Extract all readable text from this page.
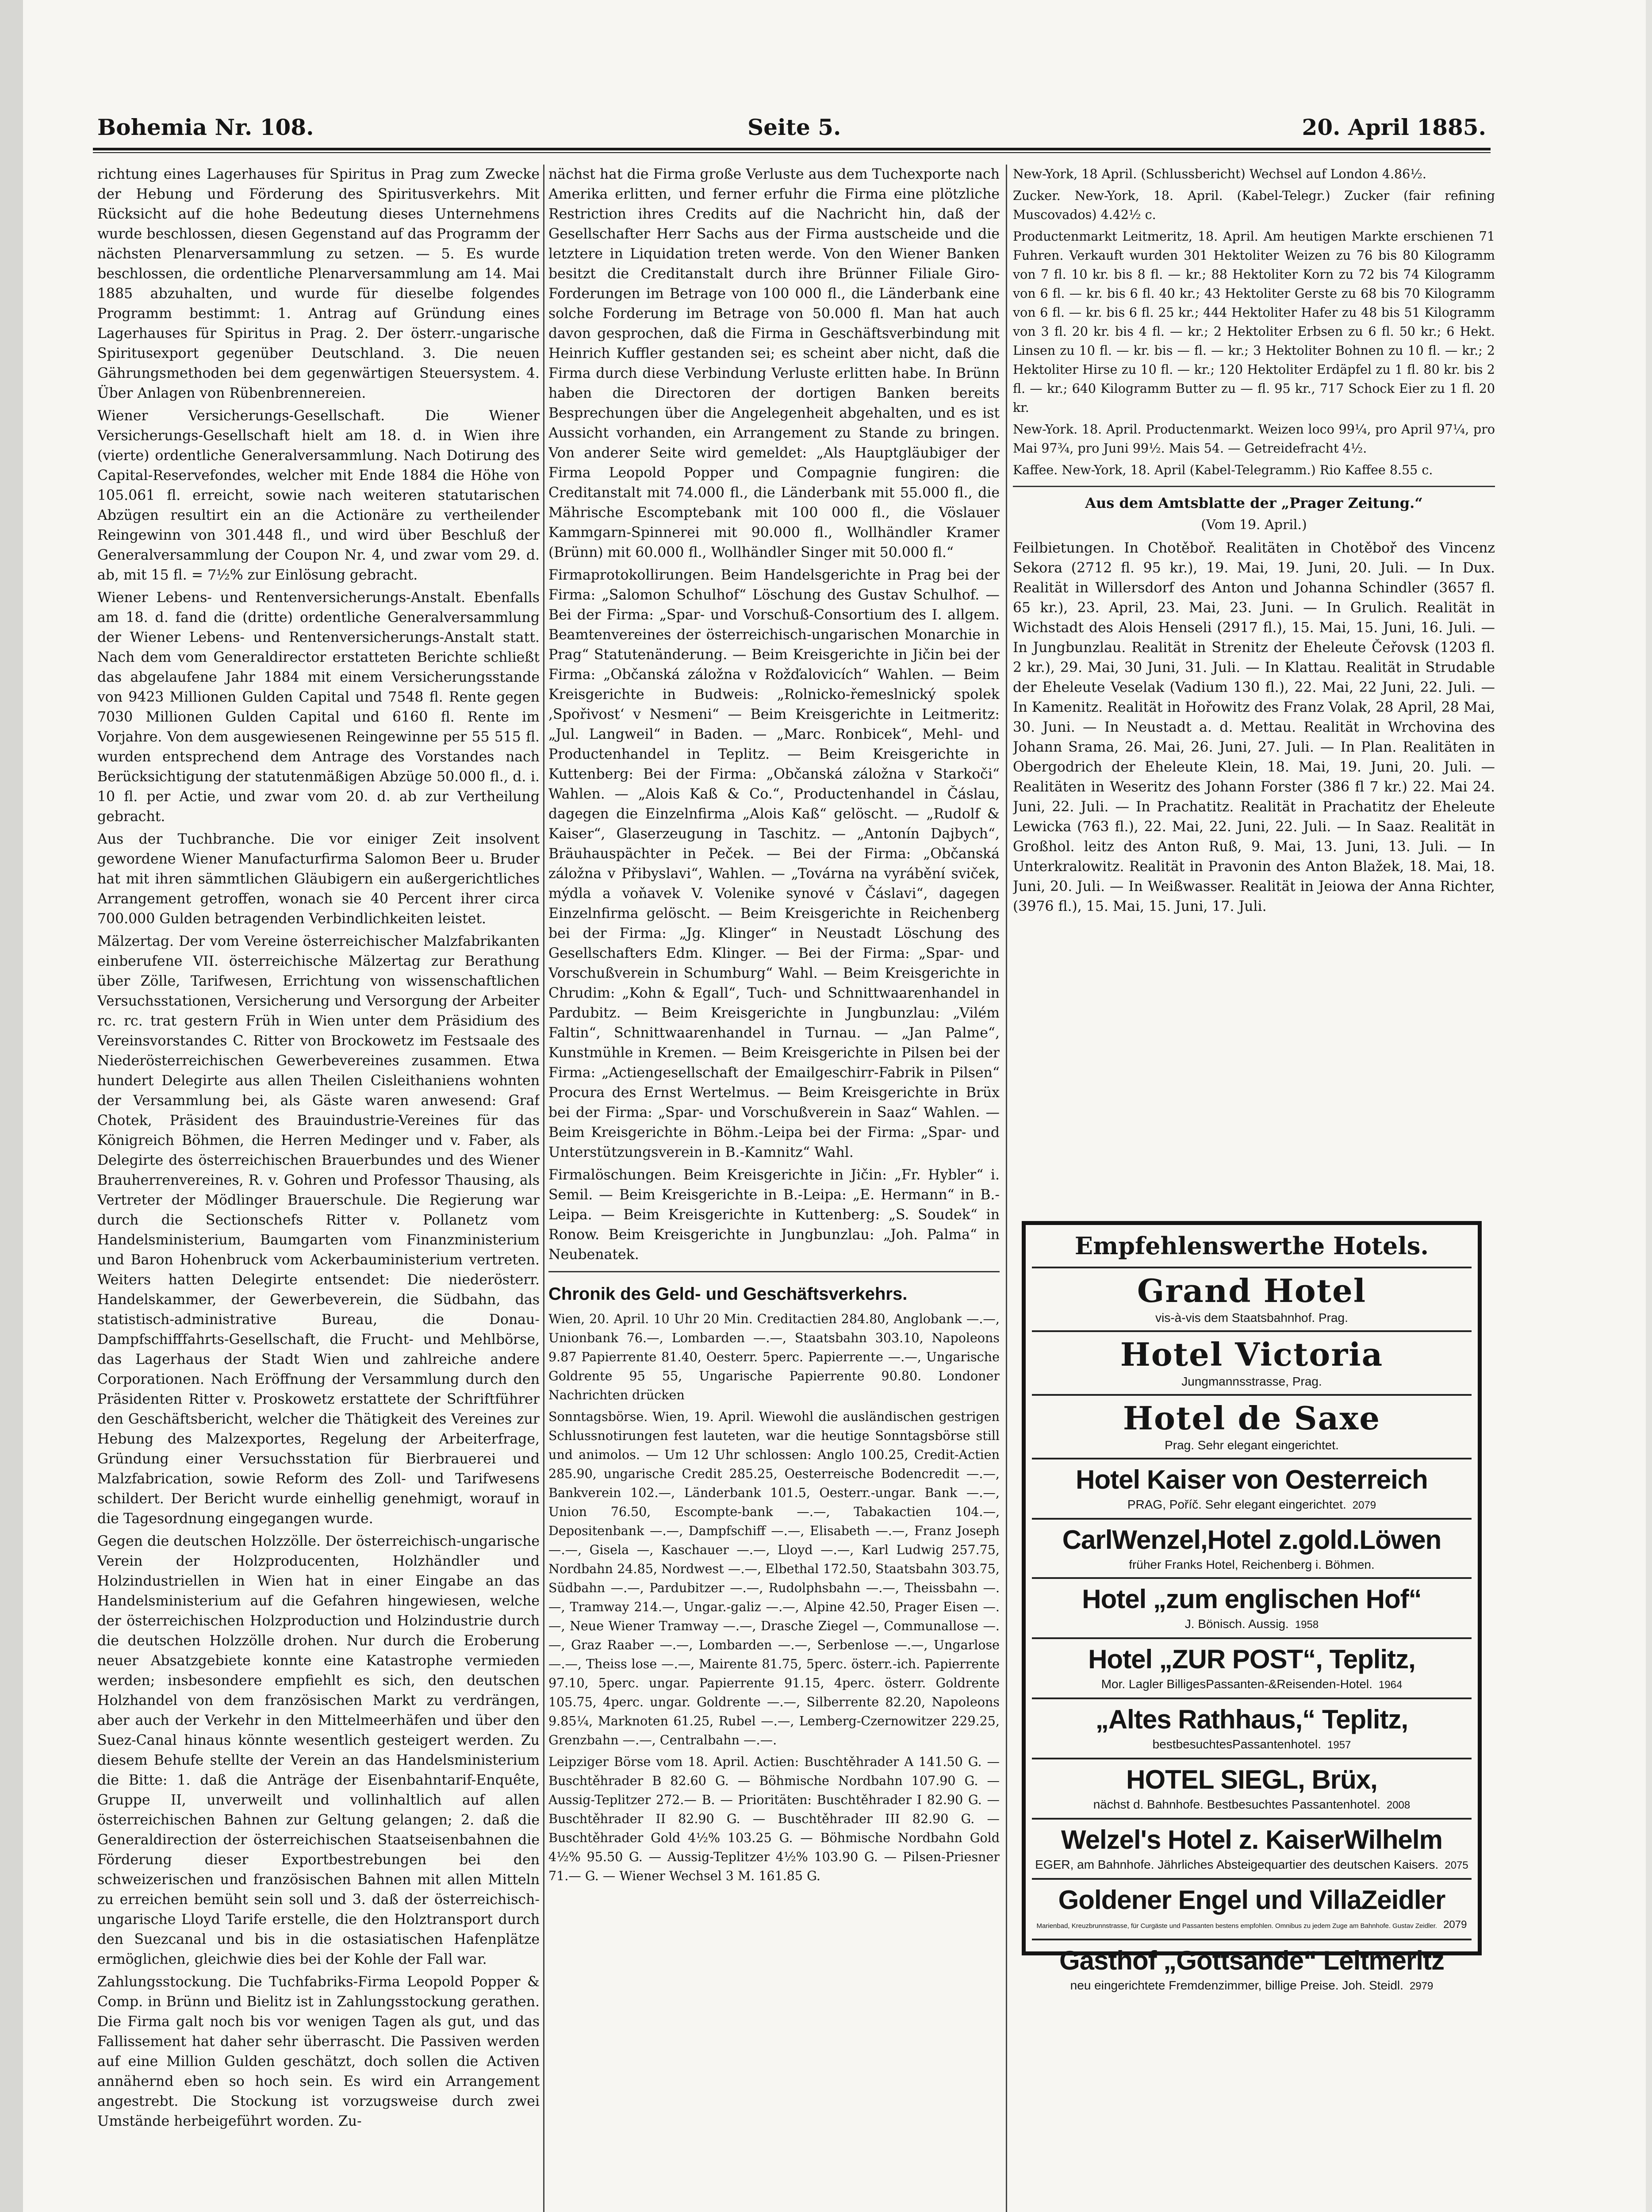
Bohemia Nr. 108.	Seite 5.	20. April 1885.

richtung eines Lagerhauses für Spiritus in Prag zum Zwecke der Hebung und Förderung des Spiritusverkehrs. Mit Rücksicht auf die hohe Bedeutung dieses Unternehmens wurde beschlossen, diesen Gegenstand auf das Programm der nächsten Plenarversammlung zu setzen. — 5. Es wurde beschlossen, die ordentliche Plenarversammlung am 14. Mai 1885 abzuhalten, und wurde für dieselbe folgendes Programm bestimmt: 1. Antrag auf Gründung eines Lagerhauses für Spiritus in Prag. 2. Der österr.-ungarische Spiritusexport gegenüber Deutschland. 3. Die neuen Gährungsmethoden bei dem gegenwärtigen Steuersystem. 4. Über Anlagen von Rübenbrennereien.

Wiener Versicherungs-Gesellschaft. Die Wiener Versicherungs-Gesellschaft hielt am 18. d. in Wien ihre (vierte) ordentliche Generalversammlung. Nach Dotirung des Capital-Reservefondes, welcher mit Ende 1884 die Höhe von 105.061 fl. erreicht, sowie nach weiteren statutarischen Abzügen resultirt ein an die Actionäre zu vertheilender Reingewinn von 301.448 fl., und wird über Beschluß der Generalversammlung der Coupon Nr. 4, und zwar vom 29. d. ab, mit 15 fl. = 7½% zur Einlösung gebracht.

Wiener Lebens- und Rentenversicherungs-Anstalt. Ebenfalls am 18. d. fand die (dritte) ordentliche Generalversammlung der Wiener Lebens- und Rentenversicherungs-Anstalt statt. Nach dem vom Generaldirector erstatteten Berichte schließt das abgelaufene Jahr 1884 mit einem Versicherungsstande von 9423 Millionen Gulden Capital und 7548 fl. Rente gegen 7030 Millionen Gulden Capital und 6160 fl. Rente im Vorjahre. Von dem ausgewiesenen Reingewinne per 55 515 fl. wurden entsprechend dem Antrage des Vorstandes nach Berücksichtigung der statutenmäßigen Abzüge 50.000 fl., d. i. 10 fl. per Actie, und zwar vom 20. d. ab zur Vertheilung gebracht.

Aus der Tuchbranche. Die vor einiger Zeit insolvent gewordene Wiener Manufacturfirma Salomon Beer u. Bruder hat mit ihren sämmtlichen Gläubigern ein außergerichtliches Arrangement getroffen, wonach sie 40 Percent ihrer circa 700.000 Gulden betragenden Verbindlichkeiten leistet.

Mälzertag. Der vom Vereine österreichischer Malzfabrikanten einberufene VII. österreichische Mälzertag zur Berathung über Zölle, Tarifwesen, Errichtung von wissenschaftlichen Versuchsstationen, Versicherung und Versorgung der Arbeiter rc. rc. trat gestern Früh in Wien unter dem Präsidium des Vereinsvorstandes C. Ritter von Brockowetz im Festsaale des Niederösterreichischen Gewerbevereines zusammen. Etwa hundert Delegirte aus allen Theilen Cisleithaniens wohnten der Versammlung bei, als Gäste waren anwesend: Graf Chotek, Präsident des Brauindustrie-Vereines für das Königreich Böhmen, die Herren Medinger und v. Faber, als Delegirte des österreichischen Brauerbundes und des Wiener Brauherrenvereines, R. v. Gohren und Professor Thausing, als Vertreter der Mödlinger Brauerschule. Die Regierung war durch die Sectionschefs Ritter v. Pollanetz vom Handelsministerium, Baumgarten vom Finanzministerium und Baron Hohenbruck vom Ackerbauministerium vertreten. Weiters hatten Delegirte entsendet: Die niederösterr. Handelskammer, der Gewerbeverein, die Südbahn, das statistisch-administrative Bureau, die Donau-Dampfschifffahrts-Gesellschaft, die Frucht- und Mehlbörse, das Lagerhaus der Stadt Wien und zahlreiche andere Corporationen. Nach Eröffnung der Versammlung durch den Präsidenten Ritter v. Proskowetz erstattete der Schriftführer den Geschäftsbericht, welcher die Thätigkeit des Vereines zur Hebung des Malzexportes, Regelung der Arbeiterfrage, Gründung einer Versuchsstation für Bierbrauerei und Malzfabrication, sowie Reform des Zoll- und Tarifwesens schildert. Der Bericht wurde einhellig genehmigt, worauf in die Tagesordnung eingegangen wurde.

Gegen die deutschen Holzzölle. Der österreichisch-ungarische Verein der Holzproducenten, Holzhändler und Holzindustriellen in Wien hat in einer Eingabe an das Handelsministerium auf die Gefahren hingewiesen, welche der österreichischen Holzproduction und Holzindustrie durch die deutschen Holzzölle drohen. Nur durch die Eroberung neuer Absatzgebiete konnte eine Katastrophe vermieden werden; insbesondere empfiehlt es sich, den deutschen Holzhandel von dem französischen Markt zu verdrängen, aber auch der Verkehr in den Mittelmeerhäfen und über den Suez-Canal hinaus könnte wesentlich gesteigert werden. Zu diesem Behufe stellte der Verein an das Handelsministerium die Bitte: 1. daß die Anträge der Eisenbahntarif-Enquête, Gruppe II, unverweilt und vollinhaltlich auf allen österreichischen Bahnen zur Geltung gelangen; 2. daß die Generaldirection der österreichischen Staatseisenbahnen die Förderung dieser Exportbestrebungen bei den schweizerischen und französischen Bahnen mit allen Mitteln zu erreichen bemüht sein soll und 3. daß der österreichisch-ungarische Lloyd Tarife erstelle, die den Holztransport durch den Suezcanal und bis in die ostasiatischen Hafenplätze ermöglichen, gleichwie dies bei der Kohle der Fall war.

Zahlungsstockung. Die Tuchfabriks-Firma Leopold Popper & Comp. in Brünn und Bielitz ist in Zahlungsstockung gerathen. Die Firma galt noch bis vor wenigen Tagen als gut, und das Fallissement hat daher sehr überrascht. Die Passiven werden auf eine Million Gulden geschätzt, doch sollen die Activen annähernd eben so hoch sein. Es wird ein Arrangement angestrebt. Die Stockung ist vorzugsweise durch zwei Umstände herbeigeführt worden. Zu-

nächst hat die Firma große Verluste aus dem Tuchexporte nach Amerika erlitten, und ferner erfuhr die Firma eine plötzliche Restriction ihres Credits auf die Nachricht hin, daß der Gesellschafter Herr Sachs aus der Firma austscheide und die letztere in Liquidation treten werde. Von den Wiener Banken besitzt die Creditanstalt durch ihre Brünner Filiale Giro-Forderungen im Betrage von 100 000 fl., die Länderbank eine solche Forderung im Betrage von 50.000 fl. Man hat auch davon gesprochen, daß die Firma in Geschäftsverbindung mit Heinrich Kuffler gestanden sei; es scheint aber nicht, daß die Firma durch diese Verbindung Verluste erlitten habe. In Brünn haben die Directoren der dortigen Banken bereits Besprechungen über die Angelegenheit abgehalten, und es ist Aussicht vorhanden, ein Arrangement zu Stande zu bringen. Von anderer Seite wird gemeldet: „Als Hauptgläubiger der Firma Leopold Popper und Compagnie fungiren: die Creditanstalt mit 74.000 fl., die Länderbank mit 55.000 fl., die Mährische Escomptebank mit 100 000 fl., die Vöslauer Kammgarn-Spinnerei mit 90.000 fl., Wollhändler Kramer (Brünn) mit 60.000 fl., Wollhändler Singer mit 50.000 fl.“

Firmaprotokollirungen. Beim Handelsgerichte in Prag bei der Firma: „Salomon Schulhof“ Löschung des Gustav Schulhof. — Bei der Firma: „Spar- und Vorschuß-Consortium des I. allgem. Beamtenvereines der österreichisch-ungarischen Monarchie in Prag“ Statutenänderung. — Beim Kreisgerichte in Jičin bei der Firma: „Občanská záložna v Rožďalovicích“ Wahlen. — Beim Kreisgerichte in Budweis: „Rolnicko-řemeslnický spolek ,Spořivost‘ v Nesmeni“ — Beim Kreisgerichte in Leitmeritz: „Jul. Langweil“ in Baden. — „Marc. Ronbicek“, Mehl- und Productenhandel in Teplitz. — Beim Kreisgerichte in Kuttenberg: Bei der Firma: „Občanská záložna v Starkoči“ Wahlen. — „Alois Kaß & Co.“, Productenhandel in Čáslau, dagegen die Einzelnfirma „Alois Kaß“ gelöscht. — „Rudolf & Kaiser“, Glaserzeugung in Taschitz. — „Antonín Dajbych“, Bräuhauspächter in Peček. — Bei der Firma: „Občanská záložna v Přibyslavi“, Wahlen. — „Továrna na vyrábění sviček, mýdla a voňavek V. Volenike synové v Čáslavi“, dagegen Einzelnfirma gelöscht. — Beim Kreisgerichte in Reichenberg bei der Firma: „Jg. Klinger“ in Neustadt Löschung des Gesellschafters Edm. Klinger. — Bei der Firma: „Spar- und Vorschußverein in Schumburg“ Wahl. — Beim Kreisgerichte in Chrudim: „Kohn & Egall“, Tuch- und Schnittwaarenhandel in Pardubitz. — Beim Kreisgerichte in Jungbunzlau: „Vilém Faltin“, Schnittwaarenhandel in Turnau. — „Jan Palme“, Kunstmühle in Kremen. — Beim Kreisgerichte in Pilsen bei der Firma: „Actiengesellschaft der Emailgeschirr-Fabrik in Pilsen“ Procura des Ernst Wertelmus. — Beim Kreisgerichte in Brüx bei der Firma: „Spar- und Vorschußverein in Saaz“ Wahlen. — Beim Kreisgerichte in Böhm.-Leipa bei der Firma: „Spar- und Unterstützungsverein in B.-Kamnitz“ Wahl.

Firmalöschungen. Beim Kreisgerichte in Jičin: „Fr. Hybler“ i. Semil. — Beim Kreisgerichte in B.-Leipa: „E. Hermann“ in B.-Leipa. — Beim Kreisgerichte in Kuttenberg: „S. Soudek“ in Ronow. Beim Kreisgerichte in Jungbunzlau: „Joh. Palma“ in Neubenatek.

Chronik des Geld- und Geschäftsverkehrs.

Wien, 20. April. 10 Uhr 20 Min. Creditactien 284.80, Anglobank —.—, Unionbank 76.—, Lombarden —.—, Staatsbahn 303.10, Napoleons 9.87 Papierrente 81.40, Oesterr. 5perc. Papierrente —.—, Ungarische Goldrente 95 55, Ungarische Papierrente 90.80. Londoner Nachrichten drücken

Sonntagsbörse. Wien, 19. April. Wiewohl die ausländischen gestrigen Schlussnotirungen fest lauteten, war die heutige Sonntagsbörse still und animolos. — Um 12 Uhr schlossen: Anglo 100.25, Credit-Actien 285.90, ungarische Credit 285.25, Oesterreische Bodencredit —.—, Bankverein 102.—, Länderbank 101.5, Oesterr.-ungar. Bank —.—, Union 76.50, Escompte-bank —.—, Tabakactien 104.—, Depositenbank —.—, Dampfschiff —.—, Elisabeth —.—, Franz Joseph —.—, Gisela —, Kaschauer —.—, Lloyd —.—, Karl Ludwig 257.75, Nordbahn 24.85, Nordwest —.—, Elbethal 172.50, Staatsbahn 303.75, Südbahn —.—, Pardubitzer —.—, Rudolphsbahn —.—, Theissbahn —.—, Tramway 214.—, Ungar.-galiz —.—, Alpine 42.50, Prager Eisen —.—, Neue Wiener Tramway —.—, Drasche Ziegel —, Communallose —.—, Graz Raaber —.—, Lombarden —.—, Serbenlose —.—, Ungarlose —.—, Theiss lose —.—, Mairente 81.75, 5perc. österr.-ich. Papierrente 97.10, 5perc. ungar. Papierrente 91.15, 4perc. österr. Goldrente 105.75, 4perc. ungar. Goldrente —.—, Silberrente 82.20, Napoleons 9.85¼, Marknoten 61.25, Rubel —.—, Lemberg-Czernowitzer 229.25, Grenzbahn —.—, Centralbahn —.—.

Leipziger Börse vom 18. April. Actien: Buschtěhrader A 141.50 G. — Buschtěhrader B 82.60 G. — Böhmische Nordbahn 107.90 G. — Aussig-Teplitzer 272.— B. — Prioritäten: Buschtěhrader I 82.90 G. — Buschtěhrader II 82.90 G. — Buschtěhrader III 82.90 G. — Buschtěhrader Gold 4½% 103.25 G. — Böhmische Nordbahn Gold 4½% 95.50 G. — Aussig-Teplitzer 4½% 103.90 G. — Pilsen-Priesner 71.— G. — Wiener Wechsel 3 M. 161.85 G.

New-York, 18 April. (Schlussbericht) Wechsel auf London 4.86½.

Zucker. New-York, 18. April. (Kabel-Telegr.) Zucker (fair refining Muscovados) 4.42½ c.

Productenmarkt Leitmeritz, 18. April. Am heutigen Markte erschienen 71 Fuhren. Verkauft wurden 301 Hektoliter Weizen zu 76 bis 80 Kilogramm von 7 fl. 10 kr. bis 8 fl. — kr.; 88 Hektoliter Korn zu 72 bis 74 Kilogramm von 6 fl. — kr. bis 6 fl. 40 kr.; 43 Hektoliter Gerste zu 68 bis 70 Kilogramm von 6 fl. — kr. bis 6 fl. 25 kr.; 444 Hektoliter Hafer zu 48 bis 51 Kilogramm von 3 fl. 20 kr. bis 4 fl. — kr.; 2 Hektoliter Erbsen zu 6 fl. 50 kr.; 6 Hekt. Linsen zu 10 fl. — kr. bis — fl. — kr.; 3 Hektoliter Bohnen zu 10 fl. — kr.; 2 Hektoliter Hirse zu 10 fl. — kr.; 120 Hektoliter Erdäpfel zu 1 fl. 80 kr. bis 2 fl. — kr.; 640 Kilogramm Butter zu — fl. 95 kr., 717 Schock Eier zu 1 fl. 20 kr.

New-York. 18. April. Productenmarkt. Weizen loco 99¼, pro April 97¼, pro Mai 97¾, pro Juni 99½. Mais 54. — Getreidefracht 4½.

Kaffee. New-York, 18. April (Kabel-Telegramm.) Rio Kaffee 8.55 c.

Aus dem Amtsblatte der „Prager Zeitung.“
(Vom 19. April.)

Feilbietungen. In Chotěboř. Realitäten in Chotěboř des Vincenz Sekora (2712 fl. 95 kr.), 19. Mai, 19. Juni, 20. Juli. — In Dux. Realität in Willersdorf des Anton und Johanna Schindler (3657 fl. 65 kr.), 23. April, 23. Mai, 23. Juni. — In Grulich. Realität in Wichstadt des Alois Henseli (2917 fl.), 15. Mai, 15. Juni, 16. Juli. — In Jungbunzlau. Realität in Strenitz der Eheleute Čeřovsk (1203 fl. 2 kr.), 29. Mai, 30 Juni, 31. Juli. — In Klattau. Realität in Strudable der Eheleute Veselak (Vadium 130 fl.), 22. Mai, 22 Juni, 22. Juli. — In Kamenitz. Realität in Hořowitz des Franz Volak, 28 April, 28 Mai, 30. Juni. — In Neustadt a. d. Mettau. Realität in Wrchovina des Johann Srama, 26. Mai, 26. Juni, 27. Juli. — In Plan. Realitäten in Obergodrich der Eheleute Klein, 18. Mai, 19. Juni, 20. Juli. — Realitäten in Weseritz des Johann Forster (386 fl 7 kr.) 22. Mai 24. Juni, 22. Juli. — In Prachatitz. Realität in Prachatitz der Eheleute Lewicka (763 fl.), 22. Mai, 22. Juni, 22. Juli. — In Saaz. Realität in Großhol. leitz des Anton Ruß, 9. Mai, 13. Juni, 13. Juli. — In Unterkralowitz. Realität in Pravonin des Anton Blažek, 18. Mai, 18. Juni, 20. Juli. — In Weißwasser. Realität in Jeiowa der Anna Richter, (3976 fl.), 15. Mai, 15. Juni, 17. Juli.

Empfehlenswerthe Hotels.
Grand Hotel
vis-à-vis dem Staatsbahnhof. Prag.
Hotel Victoria
Jungmannsstrasse, Prag.
Hotel de Saxe
Prag. Sehr elegant eingerichtet.
Hotel Kaiser von Oesterreich
PRAG, Poříč. Sehr elegant eingerichtet. 2079
CarlWenzel,Hotel z.gold.Löwen
früher Franks Hotel, Reichenberg i. Böhmen.
Hotel „zum englischen Hof“
J. Bönisch. Aussig. 1958
Hotel „ZUR POST“, Teplitz,
Mor. Lagler BilligesPassanten-&Reisenden-Hotel. 1964
„Altes Rathhaus,“ Teplitz,
bestbesuchtesPassantenhotel. 1957
HOTEL SIEGL, Brüx,
nächst d. Bahnhofe. Bestbesuchtes Passantenhotel. 2008
Welzel's Hotel z. KaiserWilhelm
EGER, am Bahnhofe. Jährliches Absteigequartier des deutschen Kaisers. 2075
Goldener Engel und VillaZeidler
Marienbad, Kreuzbrunnstrasse, für Curgäste und Passanten bestens empfohlen. Omnibus zu jedem Zuge am Bahnhofe. Gustav Zeidler. 2079
Gasthof „Gottsande“ Leitmeritz
neu eingerichtete Fremdenzimmer, billige Preise. Joh. Steidl. 2979
